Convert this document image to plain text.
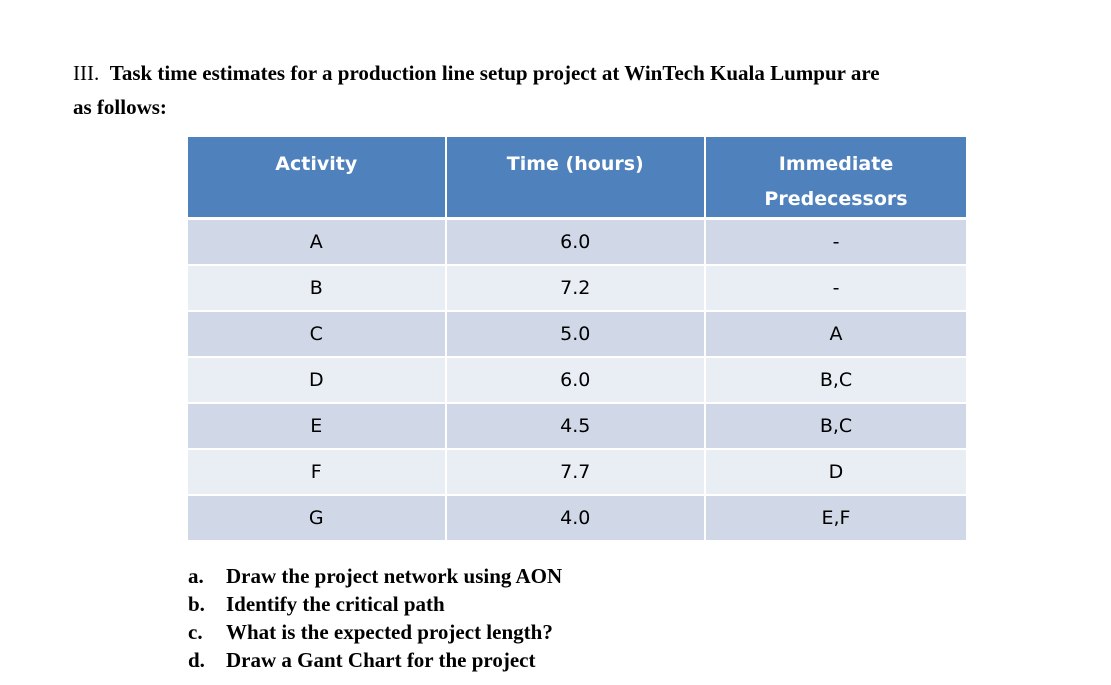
III. Task time estimates for a production line setup project at WinTech Kuala Lumpur are
as follows:
Activity	Time (hours)	Immediate
Predecessors

A	6.0	-
B	7.2	-
C	5.0	A
D	6.0	B,C
E	4.5	B,C
F	7.7	D
G	4.0	E,F
a.	Draw the project network using AON
b.	Identify the critical path
c.	What is the expected project length?
d.	Draw a Gant Chart for the project
